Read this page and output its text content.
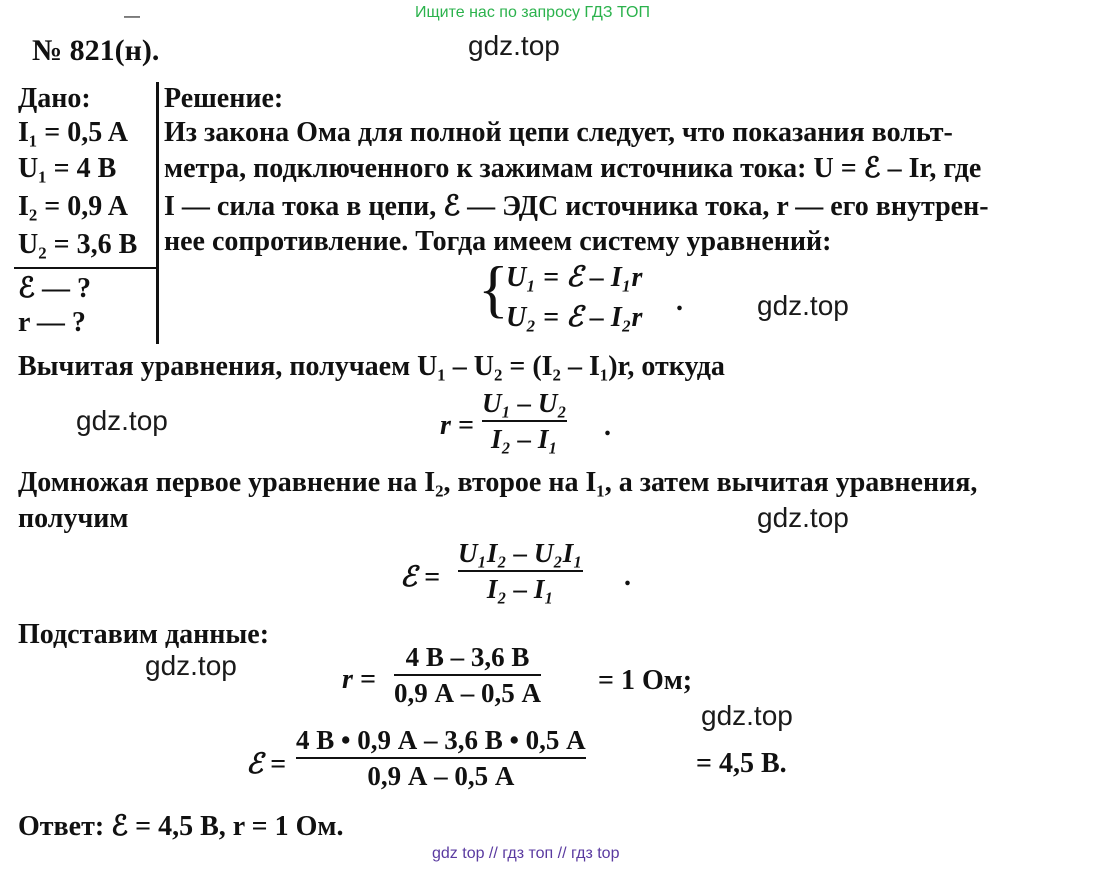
Ищите нас по запросу ГДЗ ТОП
—
№ 821(н).	gdz.top
gdz.top
gdz.top
gdz.top
gdz.top
gdz.top
Дано:
I₁ = 0,5 A
U₁ = 4 B
I₂ = 0,9 A
U₂ = 3,6 B
ℰ — ?
r — ?
Решение:
Из закона Ома для полной цепи следует, что показания вольт-
метра, подключенного к зажимам источника тока: U = ℰ – Ir, где
I — сила тока в цепи, ℰ — ЭДС источника тока, r — его внутрен-
нее сопротивление. Тогда имеем систему уравнений:
{
U₁ = ℰ – I₁r
U₂ = ℰ – I₂r
.
Вычитая уравнения, получаем U₁ – U₂ = (I₂ – I₁)r, откуда
r =
U₁ – U₂
I₂ – I₁ .
Домножая первое уравнение на I₂, второе на I₁, а затем вычитая уравнения,
получим
ℰ =
U₁I₂ – U₂I₁
I₂ – I₁	.
Подставим данные:
r =
4 В – 3,6 В
0,9 А – 0,5 А = 1 Ом;
ℰ =
4 В • 0,9 А – 3,6 В • 0,5 А
0,9 А – 0,5 А	= 4,5 В.
Ответ: ℰ = 4,5 В, r = 1 Ом.
gdz top // гдз топ // гдз top
